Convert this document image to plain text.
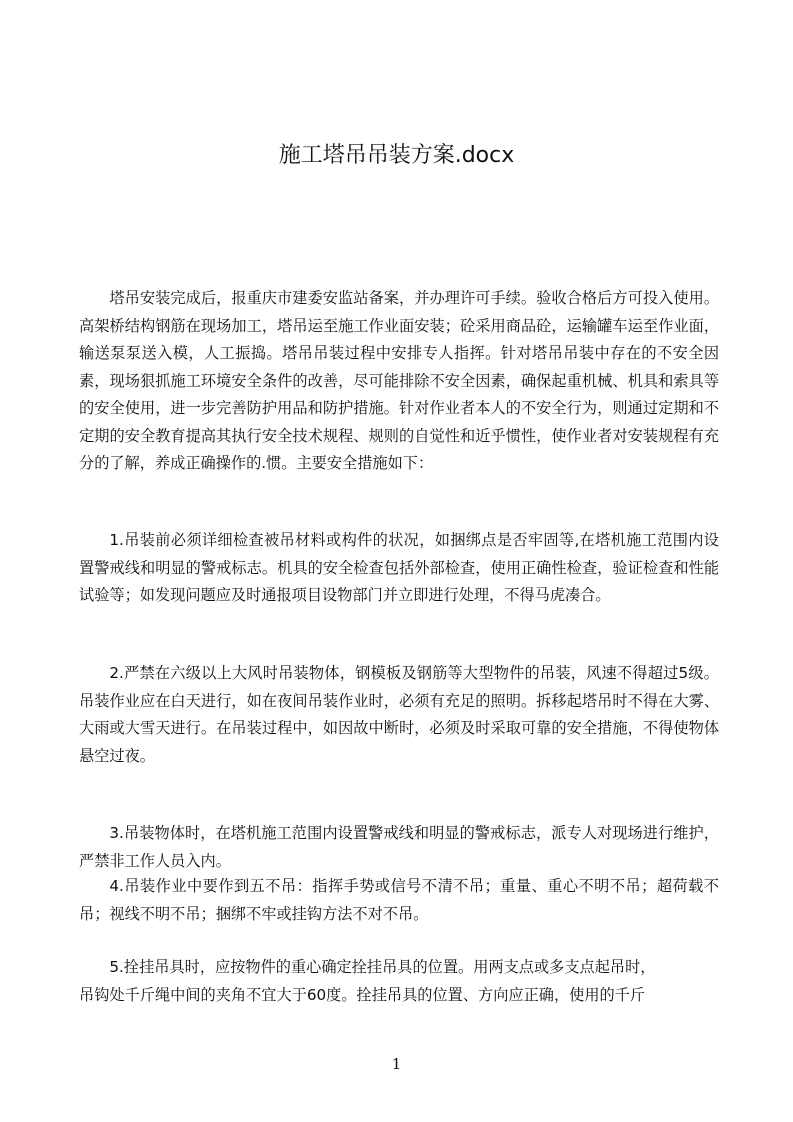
施工塔吊吊装方案.docx

塔吊安装完成后，报重庆市建委安监站备案，并办理许可手续。验收合格后方可投入使用。高架桥结构钢筋在现场加工，塔吊运至施工作业面安装；砼采用商品砼，运输罐车运至作业面，输送泵泵送入模，人工振捣。塔吊吊装过程中安排专人指挥。针对塔吊吊装中存在的不安全因素，现场狠抓施工环境安全条件的改善，尽可能排除不安全因素，确保起重机械、机具和索具等的安全使用，进一步完善防护用品和防护措施。针对作业者本人的不安全行为，则通过定期和不定期的安全教育提高其执行安全技术规程、规则的自觉性和近乎惯性，使作业者对安装规程有充分的了解，养成正确操作的.惯。主要安全措施如下：

1.吊装前必须详细检查被吊材料或构件的状况，如捆绑点是否牢固等,在塔机施工范围内设置警戒线和明显的警戒标志。机具的安全检查包括外部检查，使用正确性检查，验证检查和性能试验等；如发现问题应及时通报项目设物部门并立即进行处理，不得马虎凑合。

2.严禁在六级以上大风时吊装物体，钢模板及钢筋等大型物件的吊装，风速不得超过5级。吊装作业应在白天进行，如在夜间吊装作业时，必须有充足的照明。拆移起塔吊时不得在大雾、大雨或大雪天进行。在吊装过程中，如因故中断时，必须及时采取可靠的安全措施，不得使物体悬空过夜。

3.吊装物体时，在塔机施工范围内设置警戒线和明显的警戒标志，派专人对现场进行维护，严禁非工作人员入内。

4.吊装作业中要作到五不吊：指挥手势或信号不清不吊；重量、重心不明不吊；超荷载不吊；视线不明不吊；捆绑不牢或挂钩方法不对不吊。

5.拴挂吊具时，应按物件的重心确定拴挂吊具的位置。用两支点或多支点起吊时，
吊钩处千斤绳中间的夹角不宜大于60度。拴挂吊具的位置、方向应正确，使用的千斤
1
